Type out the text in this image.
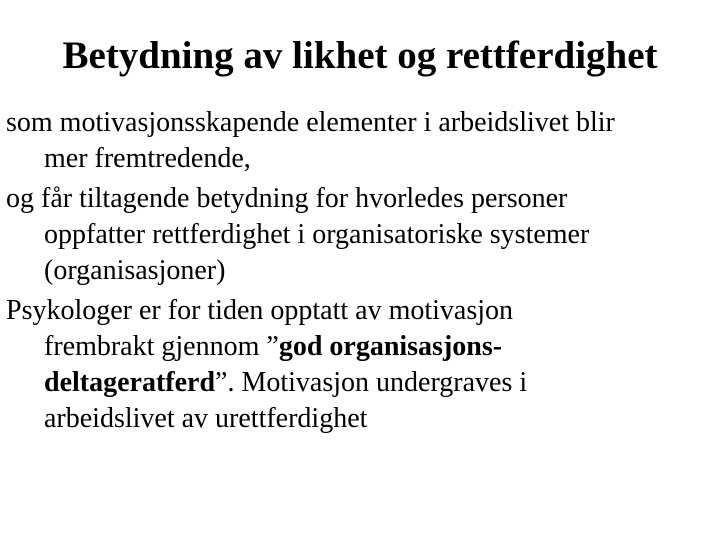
Betydning av likhet og rettferdighet
som motivasjonsskapende elementer i arbeidslivet blir
mer fremtredende,
og får tiltagende betydning for hvorledes personer
oppfatter rettferdighet i organisatoriske systemer
(organisasjoner)
Psykologer er for tiden opptatt av motivasjon
frembrakt gjennom ”god organisasjons-
deltageratferd”. Motivasjon undergraves i
arbeidslivet av urettferdighet
